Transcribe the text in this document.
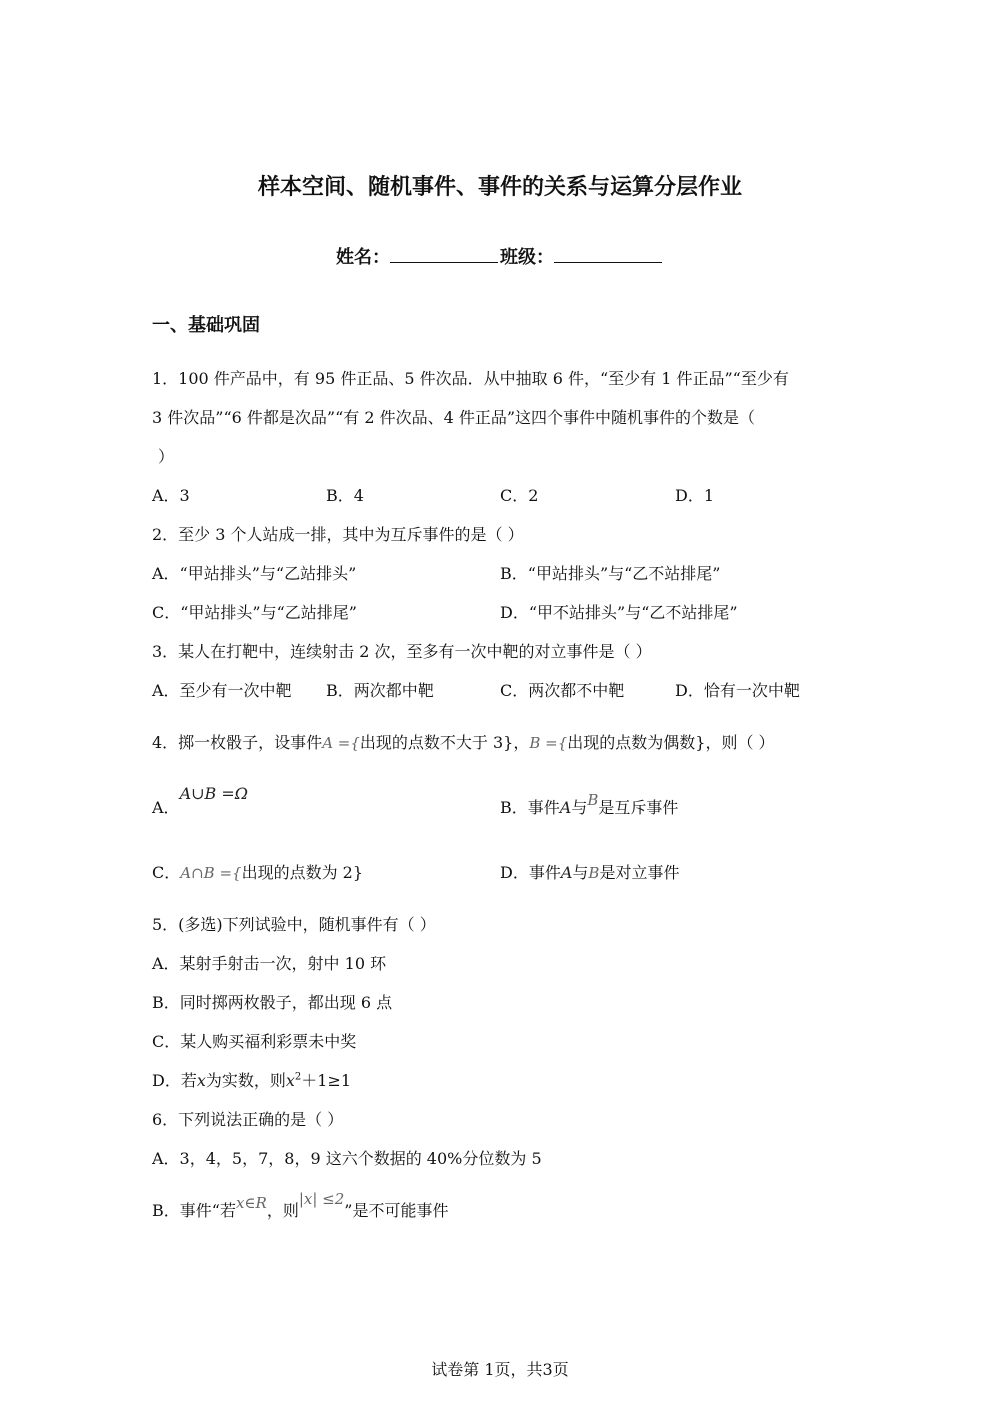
样本空间、随机事件、事件的关系与运算分层作业
姓名：	班级：
一、基础巩固
1．100 件产品中，有 95 件正品、5 件次品．从中抽取 6 件，“至少有 1 件正品”“至少有
3 件次品”“6 件都是次品”“有 2 件次品、4 件正品”这四个事件中随机事件的个数是（
）
A．3	B．4	C．2	D．1
2．至少 3 个人站成一排，其中为互斥事件的是（ ）
A．“甲站排头”与“乙站排头”	B．“甲站排头”与“乙不站排尾”
C．“甲站排头”与“乙站排尾”	D．“甲不站排头”与“乙不站排尾”
3．某人在打靶中，连续射击 2 次，至多有一次中靶的对立事件是（ ）
A．至少有一次中靶 B．两次都中靶	C．两次都不中靶	D．恰有一次中靶
4．掷一枚骰子，设事件A ={出现的点数不大于 3}，B ={出现的点数为偶数}，则（ ）
A．A∪B =Ω
B．事件A与B是互斥事件
C．A∩B ={出现的点数为 2}	D．事件A与B是对立事件
5．(多选)下列试验中，随机事件有（ ）
A．某射手射击一次，射中 10 环
B．同时掷两枚骰子，都出现 6 点
C．某人购买福利彩票未中奖
D．若x为实数，则$x^2+1\ge 1$
6．下列说法正确的是（ ）
A．3，4，5，7，8，9 这六个数据的 40%分位数为 5
B．事件“若x∈R，则|x| ≤2”是不可能事件
试卷第 1页，共3页
